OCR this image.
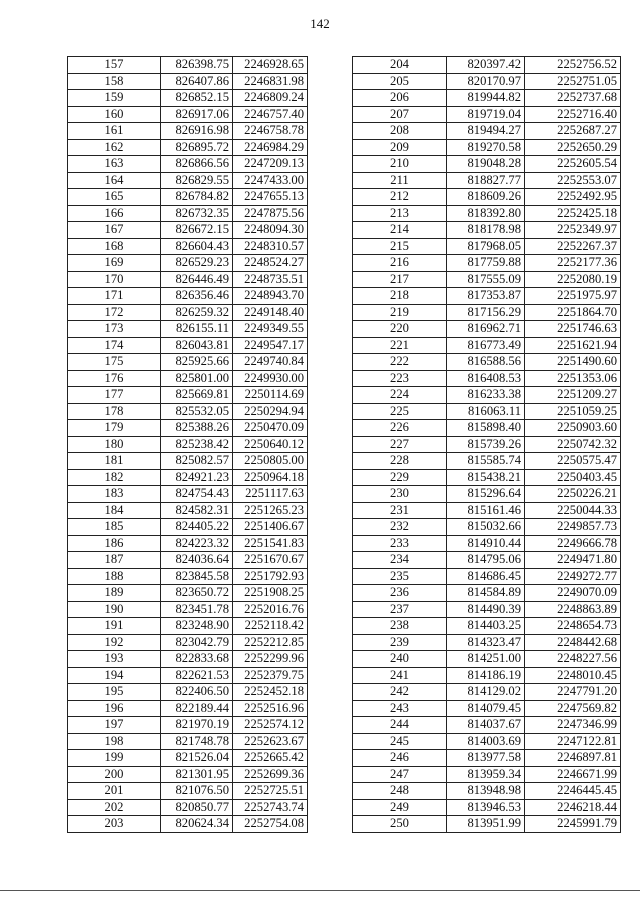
142
157	826398.75	2246928.65
158	826407.86	2246831.98
159	826852.15	2246809.24
160	826917.06	2246757.40
161	826916.98	2246758.78
162	826895.72	2246984.29
163	826866.56	2247209.13
164	826829.55	2247433.00
165	826784.82	2247655.13
166	826732.35	2247875.56
167	826672.15	2248094.30
168	826604.43	2248310.57
169	826529.23	2248524.27
170	826446.49	2248735.51
171	826356.46	2248943.70
172	826259.32	2249148.40
173	826155.11	2249349.55
174	826043.81	2249547.17
175	825925.66	2249740.84
176	825801.00	2249930.00
177	825669.81	2250114.69
178	825532.05	2250294.94
179	825388.26	2250470.09
180	825238.42	2250640.12
181	825082.57	2250805.00
182	824921.23	2250964.18
183	824754.43	2251117.63
184	824582.31	2251265.23
185	824405.22	2251406.67
186	824223.32	2251541.83
187	824036.64	2251670.67
188	823845.58	2251792.93
189	823650.72	2251908.25
190	823451.78	2252016.76
191	823248.90	2252118.42
192	823042.79	2252212.85
193	822833.68	2252299.96
194	822621.53	2252379.75
195	822406.50	2252452.18
196	822189.44	2252516.96
197	821970.19	2252574.12
198	821748.78	2252623.67
199	821526.04	2252665.42
200	821301.95	2252699.36
201	821076.50	2252725.51
202	820850.77	2252743.74
203	820624.34	2252754.08
204	820397.42	2252756.52
205	820170.97	2252751.05
206	819944.82	2252737.68
207	819719.04	2252716.40
208	819494.27	2252687.27
209	819270.58	2252650.29
210	819048.28	2252605.54
211	818827.77	2252553.07
212	818609.26	2252492.95
213	818392.80	2252425.18
214	818178.98	2252349.97
215	817968.05	2252267.37
216	817759.88	2252177.36
217	817555.09	2252080.19
218	817353.87	2251975.97
219	817156.29	2251864.70
220	816962.71	2251746.63
221	816773.49	2251621.94
222	816588.56	2251490.60
223	816408.53	2251353.06
224	816233.38	2251209.27
225	816063.11	2251059.25
226	815898.40	2250903.60
227	815739.26	2250742.32
228	815585.74	2250575.47
229	815438.21	2250403.45
230	815296.64	2250226.21
231	815161.46	2250044.33
232	815032.66	2249857.73
233	814910.44	2249666.78
234	814795.06	2249471.80
235	814686.45	2249272.77
236	814584.89	2249070.09
237	814490.39	2248863.89
238	814403.25	2248654.73
239	814323.47	2248442.68
240	814251.00	2248227.56
241	814186.19	2248010.45
242	814129.02	2247791.20
243	814079.45	2247569.82
244	814037.67	2247346.99
245	814003.69	2247122.81
246	813977.58	2246897.81
247	813959.34	2246671.99
248	813948.98	2246445.45
249	813946.53	2246218.44
250	813951.99	2245991.79
